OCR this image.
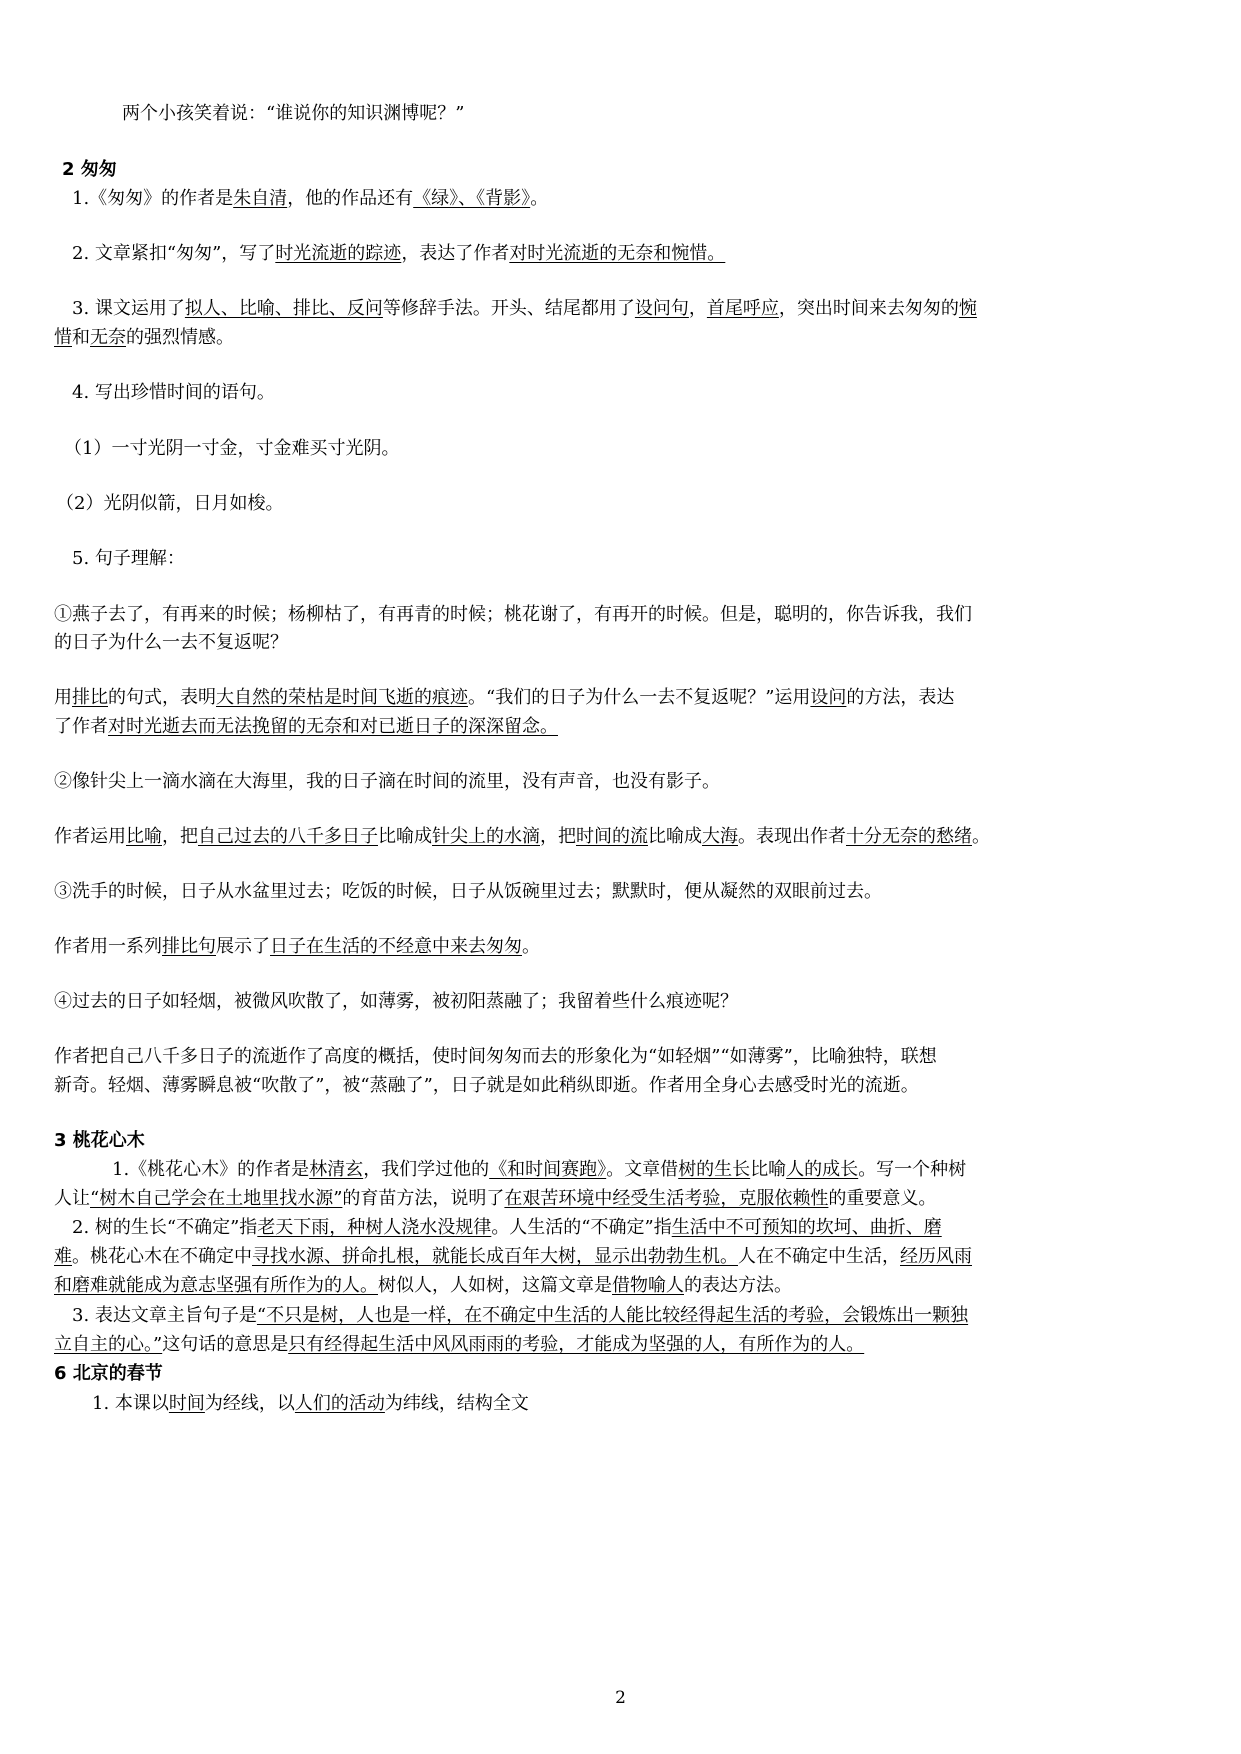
两个小孩笑着说：“谁说你的知识渊博呢？”
2 匆匆
1.《匆匆》的作者是朱自清，他的作品还有《绿》、《背影》。
2. 文章紧扣“匆匆”，写了时光流逝的踪迹，表达了作者对时光流逝的无奈和惋惜。
3. 课文运用了拟人、比喻、排比、反问等修辞手法。开头、结尾都用了设问句，首尾呼应，突出时间来去匆匆的惋
惜和无奈的强烈情感。
4. 写出珍惜时间的语句。
（1）一寸光阴一寸金，寸金难买寸光阴。
（2）光阴似箭，日月如梭。
5. 句子理解：
①燕子去了，有再来的时候；杨柳枯了，有再青的时候；桃花谢了，有再开的时候。但是，聪明的，你告诉我，我们
的日子为什么一去不复返呢？
用排比的句式，表明大自然的荣枯是时间飞逝的痕迹。“我们的日子为什么一去不复返呢？”运用设问的方法，表达
了作者对时光逝去而无法挽留的无奈和对已逝日子的深深留念。
②像针尖上一滴水滴在大海里，我的日子滴在时间的流里，没有声音，也没有影子。
作者运用比喻，把自己过去的八千多日子比喻成针尖上的水滴，把时间的流比喻成大海。表现出作者十分无奈的愁绪。
③洗手的时候，日子从水盆里过去；吃饭的时候，日子从饭碗里过去；默默时，便从凝然的双眼前过去。
作者用一系列排比句展示了日子在生活的不经意中来去匆匆。
④过去的日子如轻烟，被微风吹散了，如薄雾，被初阳蒸融了；我留着些什么痕迹呢？
作者把自己八千多日子的流逝作了高度的概括，使时间匆匆而去的形象化为“如轻烟”“如薄雾”，比喻独特，联想
新奇。轻烟、薄雾瞬息被“吹散了”，被“蒸融了”，日子就是如此稍纵即逝。作者用全身心去感受时光的流逝。
3 桃花心木
1.《桃花心木》的作者是林清玄，我们学过他的《和时间赛跑》。文章借树的生长比喻人的成长。写一个种树
人让“树木自己学会在土地里找水源”的育苗方法，说明了在艰苦环境中经受生活考验，克服依赖性的重要意义。
2. 树的生长“不确定”指老天下雨，种树人浇水没规律。人生活的“不确定”指生活中不可预知的坎坷、曲折、磨
难。桃花心木在不确定中寻找水源、拼命扎根，就能长成百年大树，显示出勃勃生机。人在不确定中生活，经历风雨
和磨难就能成为意志坚强有所作为的人。树似人，人如树，这篇文章是借物喻人的表达方法。
3. 表达文章主旨句子是“不只是树，人也是一样，在不确定中生活的人能比较经得起生活的考验，会锻炼出一颗独
立自主的心。”这句话的意思是只有经得起生活中风风雨雨的考验，才能成为坚强的人，有所作为的人。
6 北京的春节
1. 本课以时间为经线，以人们的活动为纬线，结构全文
2
